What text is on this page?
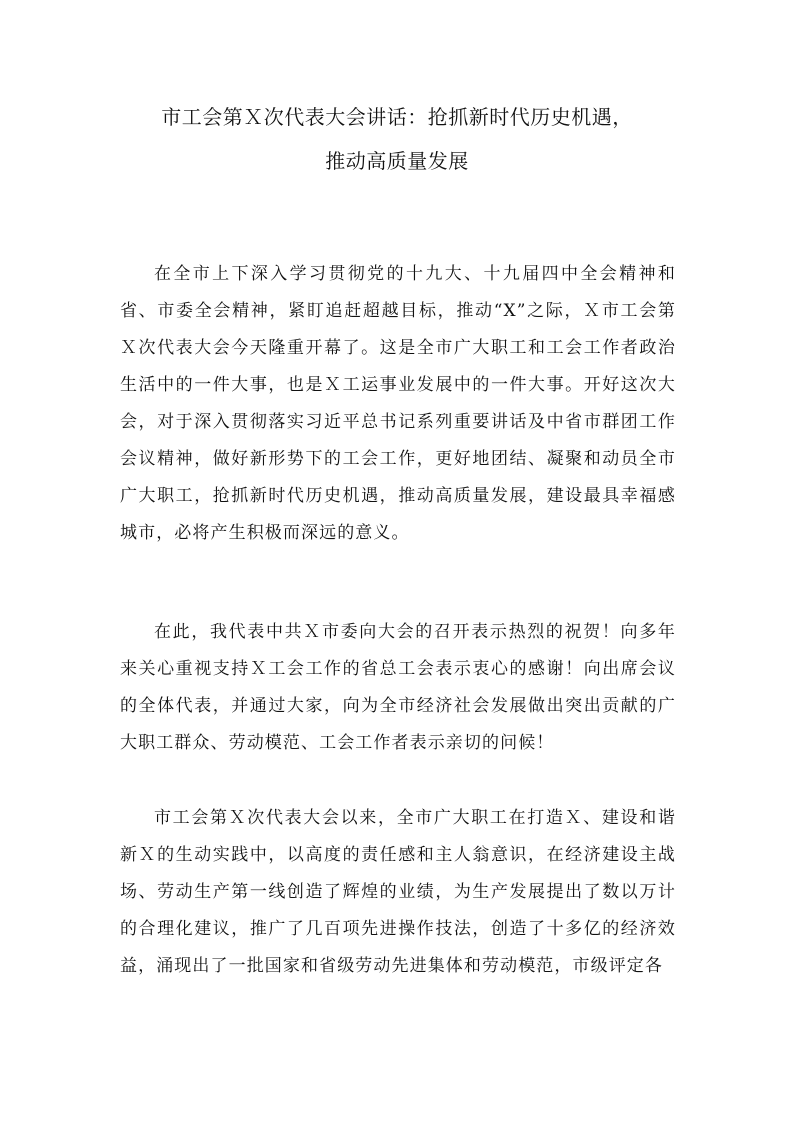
市工会第Ｘ次代表大会讲话：抢抓新时代历史机遇，
推动高质量发展

在全市上下深入学习贯彻党的十九大、十九届四中全会精神和省、市委全会精神，紧盯追赶超越目标，推动“X”之际，Ｘ市工会第Ｘ次代表大会今天隆重开幕了。这是全市广大职工和工会工作者政治生活中的一件大事，也是Ｘ工运事业发展中的一件大事。开好这次大会，对于深入贯彻落实习近平总书记系列重要讲话及中省市群团工作会议精神，做好新形势下的工会工作，更好地团结、凝聚和动员全市广大职工，抢抓新时代历史机遇，推动高质量发展，建设最具幸福感城市，必将产生积极而深远的意义。

在此，我代表中共Ｘ市委向大会的召开表示热烈的祝贺！向多年来关心重视支持Ｘ工会工作的省总工会表示衷心的感谢！向出席会议的全体代表，并通过大家，向为全市经济社会发展做出突出贡献的广大职工群众、劳动模范、工会工作者表示亲切的问候！

市工会第Ｘ次代表大会以来，全市广大职工在打造Ｘ、建设和谐新Ｘ的生动实践中，以高度的责任感和主人翁意识，在经济建设主战场、劳动生产第一线创造了辉煌的业绩，为生产发展提出了数以万计的合理化建议，推广了几百项先进操作技法，创造了十多亿的经济效益，涌现出了一批国家和省级劳动先进集体和劳动模范，市级评定各
